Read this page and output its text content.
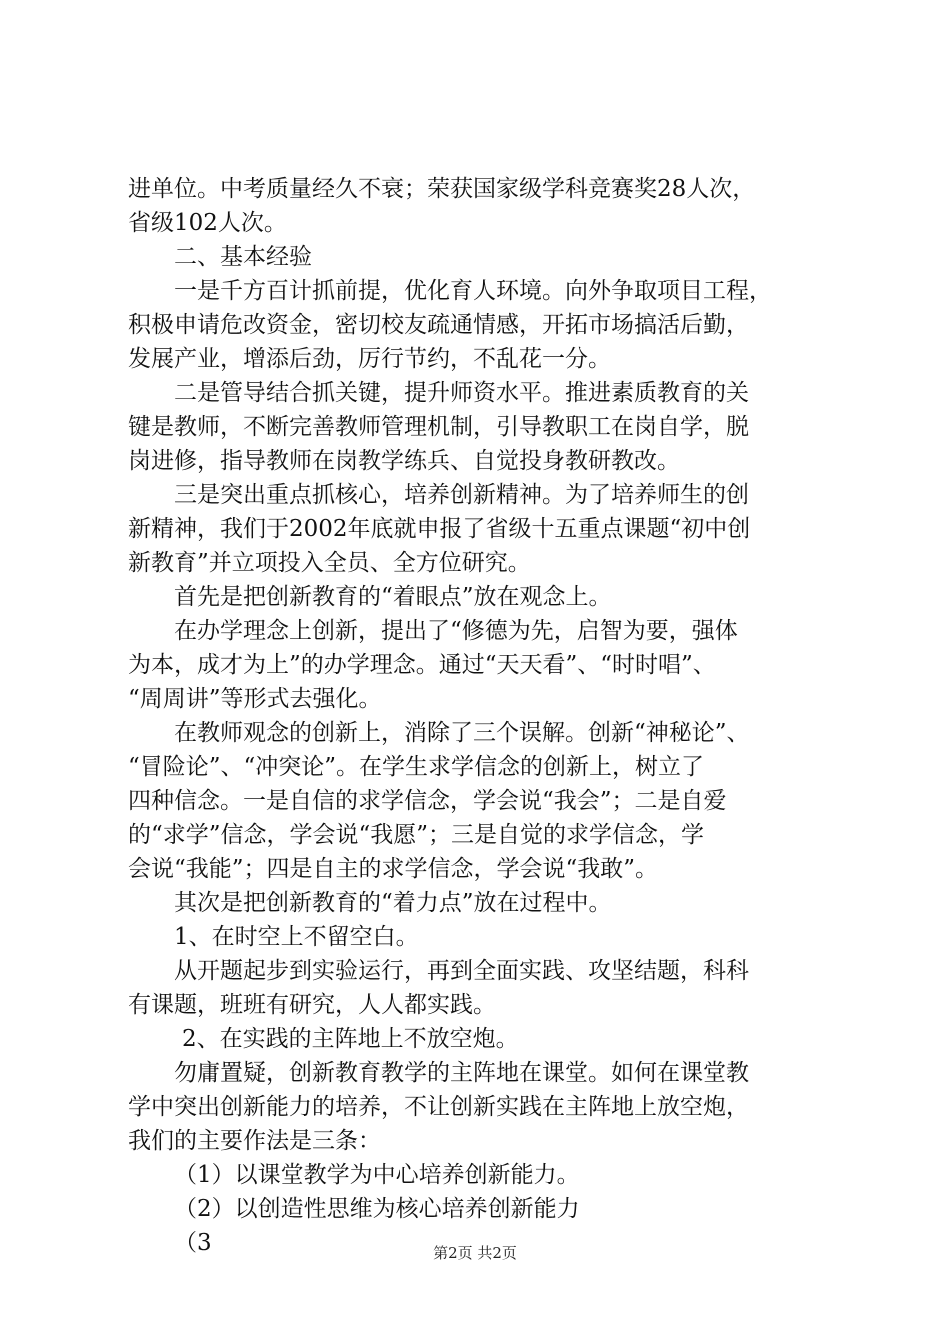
进单位。中考质量经久不衰；荣获国家级学科竞赛奖28人次，
省级102人次。
二、基本经验
一是千方百计抓前提，优化育人环境。向外争取项目工程，
积极申请危改资金，密切校友疏通情感，开拓市场搞活后勤，
发展产业，增添后劲，厉行节约，不乱花一分。
二是管导结合抓关键，提升师资水平。推进素质教育的关
键是教师，不断完善教师管理机制，引导教职工在岗自学，脱
岗进修，指导教师在岗教学练兵、自觉投身教研教改。
三是突出重点抓核心，培养创新精神。为了培养师生的创
新精神，我们于2002年底就申报了省级十五重点课题“初中创
新教育”并立项投入全员、全方位研究。
首先是把创新教育的“着眼点”放在观念上。
在办学理念上创新，提出了“修德为先，启智为要，强体
为本，成才为上”的办学理念。通过“天天看”、“时时唱”、
“周周讲”等形式去强化。
在教师观念的创新上，消除了三个误解。创新“神秘论”、
“冒险论”、“冲突论”。在学生求学信念的创新上，树立了
四种信念。一是自信的求学信念，学会说“我会”；二是自爱
的“求学”信念，学会说“我愿”；三是自觉的求学信念，学
会说“我能”；四是自主的求学信念，学会说“我敢”。
其次是把创新教育的“着力点”放在过程中。
1、在时空上不留空白。
从开题起步到实验运行，再到全面实践、攻坚结题，科科
有课题，班班有研究，人人都实践。
2、在实践的主阵地上不放空炮。
勿庸置疑，创新教育教学的主阵地在课堂。如何在课堂教
学中突出创新能力的培养，不让创新实践在主阵地上放空炮，
我们的主要作法是三条：
（1）以课堂教学为中心培养创新能力。
（2）以创造性思维为核心培养创新能力
（3	第2页 共2页
